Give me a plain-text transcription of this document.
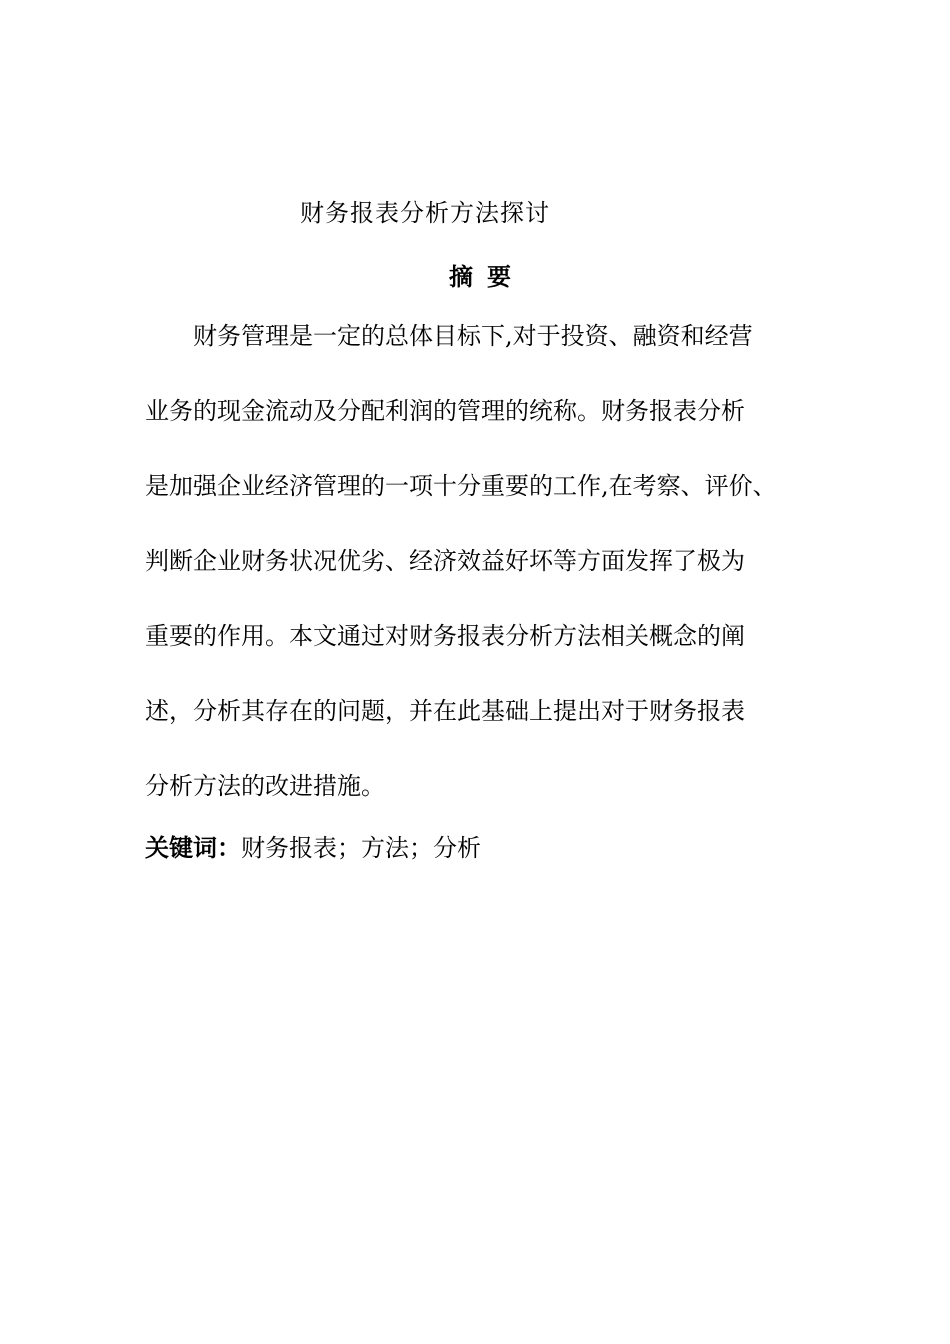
财务报表分析方法探讨
摘 要
财务管理是一定的总体目标下,对于投资、融资和经营
业务的现金流动及分配利润的管理的统称。财务报表分析
是加强企业经济管理的一项十分重要的工作,在考察、评价、
判断企业财务状况优劣、经济效益好坏等方面发挥了极为
重要的作用。本文通过对财务报表分析方法相关概念的阐
述，分析其存在的问题，并在此基础上提出对于财务报表
分析方法的改进措施。
关键词：财务报表；方法；分析
